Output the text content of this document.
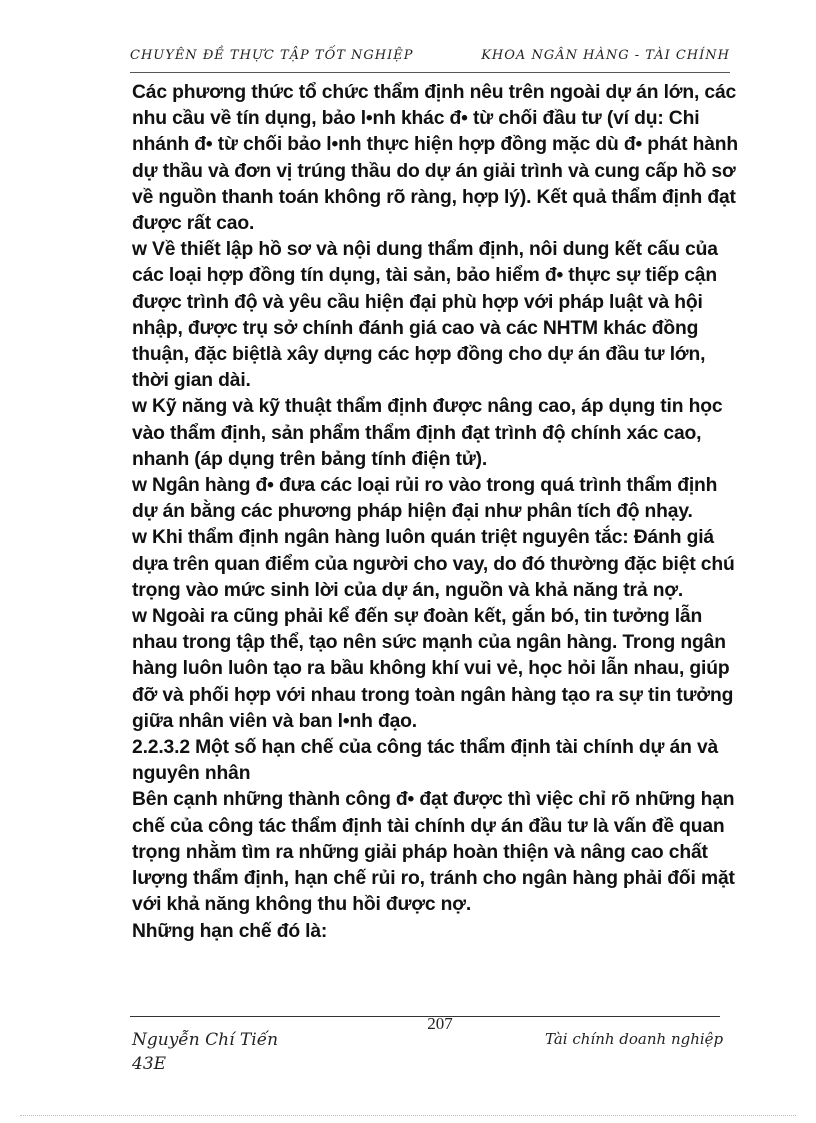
CHUYÊN ĐỀ THỰC TẬP TỐT NGHIỆP	KHOA NGÂN HÀNG - TÀI CHÍNH

Các phương thức tổ chức thẩm định nêu trên ngoài dự án lớn, các nhu cầu về tín dụng, bảo l•nh khác đ• từ chối đầu tư (ví dụ: Chi nhánh đ• từ chối bảo l•nh thực hiện hợp đồng mặc dù đ• phát hành dự thầu và đơn vị trúng thầu do dự án giải trình và cung cấp hồ sơ về nguồn thanh toán không rõ ràng, hợp lý). Kết quả thẩm định đạt được rất cao.

w Về thiết lập hồ sơ và nội dung thẩm định, nôi dung kết cấu của các loại hợp đồng tín dụng, tài sản, bảo hiểm đ• thực sự tiếp cận được trình độ và yêu cầu hiện đại phù hợp với pháp luật và hội nhập, được trụ sở chính đánh giá cao và các NHTM khác đồng thuận, đặc biệtlà xây dựng các hợp đồng cho dự án đầu tư lớn, thời gian dài.

w Kỹ năng và kỹ thuật thẩm định được nâng cao, áp dụng tin học vào thẩm định, sản phẩm thẩm định đạt trình độ chính xác cao, nhanh (áp dụng trên bảng tính điện tử).

w Ngân hàng đ• đưa các loại rủi ro vào trong quá trình thẩm định dự án bằng các phương pháp hiện đại như phân tích độ nhạy.

w Khi thẩm định ngân hàng luôn quán triệt nguyên tắc: Đánh giá dựa trên quan điểm của người cho vay, do đó thường đặc biệt chú trọng vào mức sinh lời của dự án, nguồn và khả năng trả nợ.

w Ngoài ra cũng phải kể đến sự đoàn kết, gắn bó, tin tưởng lẫn nhau trong tập thể, tạo nên sức mạnh của ngân hàng. Trong ngân hàng luôn luôn tạo ra bầu không khí vui vẻ, học hỏi lẫn nhau, giúp đỡ và phối hợp với nhau trong toàn ngân hàng tạo ra sự tin tưởng giữa nhân viên và ban l•nh đạo.

2.2.3.2 Một số hạn chế của công tác thẩm định tài chính dự án và nguyên nhân

Bên cạnh những thành công đ• đạt được thì việc chỉ rõ những hạn chế của công tác thẩm định tài chính dự án đầu tư là vấn đề quan trọng nhằm tìm ra những giải pháp hoàn thiện và nâng cao chất lượng thẩm định, hạn chế rủi ro, tránh cho ngân hàng phải đối mặt với khả năng không thu hồi được nợ.

Những hạn chế đó là:

207
Nguyễn Chí Tiến
43E
Tài chính doanh nghiệp
